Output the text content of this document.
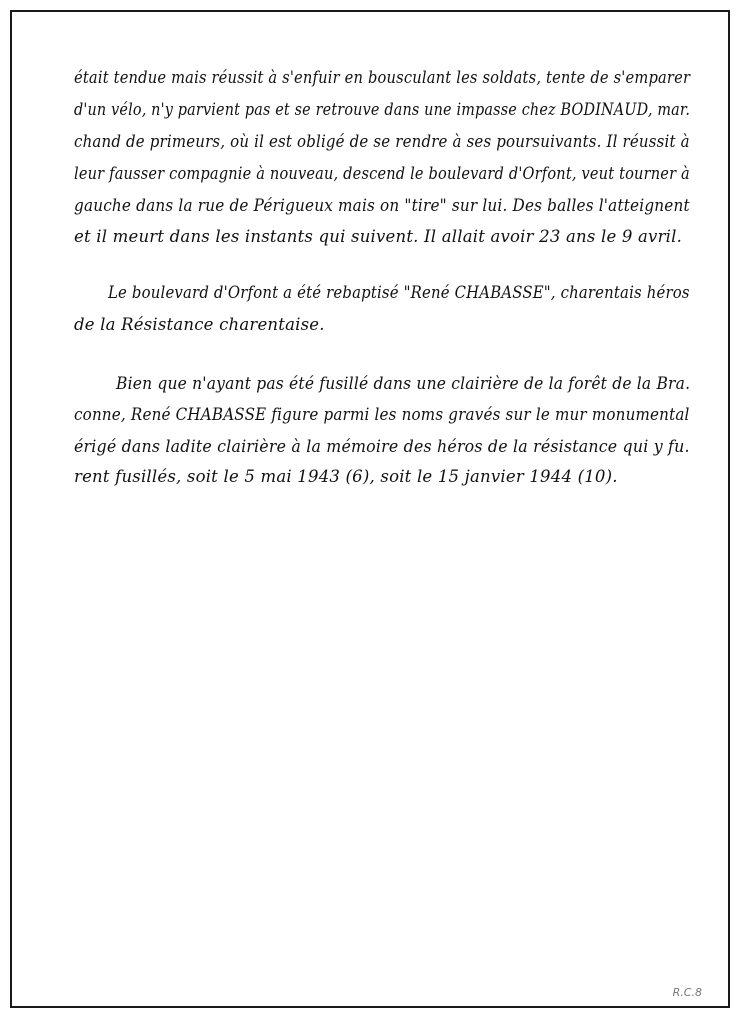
était tendue mais réussit à s'enfuir en bousculant les soldats, tente de s'emparer
d'un vélo, n'y parvient pas et se retrouve dans une impasse chez BODINAUD, mar.
chand de primeurs, où il est obligé de se rendre à ses poursuivants. Il réussit à
leur fausser compagnie à nouveau, descend le boulevard d'Orfont, veut tourner à
gauche dans la rue de Périgueux mais on "tire" sur lui. Des balles l'atteignent
et il meurt dans les instants qui suivent. Il allait avoir 23 ans le 9 avril.
Le boulevard d'Orfont a été rebaptisé "René CHABASSE", charentais héros
de la Résistance charentaise.
Bien que n'ayant pas été fusillé dans une clairière de la forêt de la Bra.
conne, René CHABASSE figure parmi les noms gravés sur le mur monumental
érigé dans ladite clairière à la mémoire des héros de la résistance qui y fu.
rent fusillés, soit le 5 mai 1943 (6), soit le 15 janvier 1944 (10).
R.C.8
